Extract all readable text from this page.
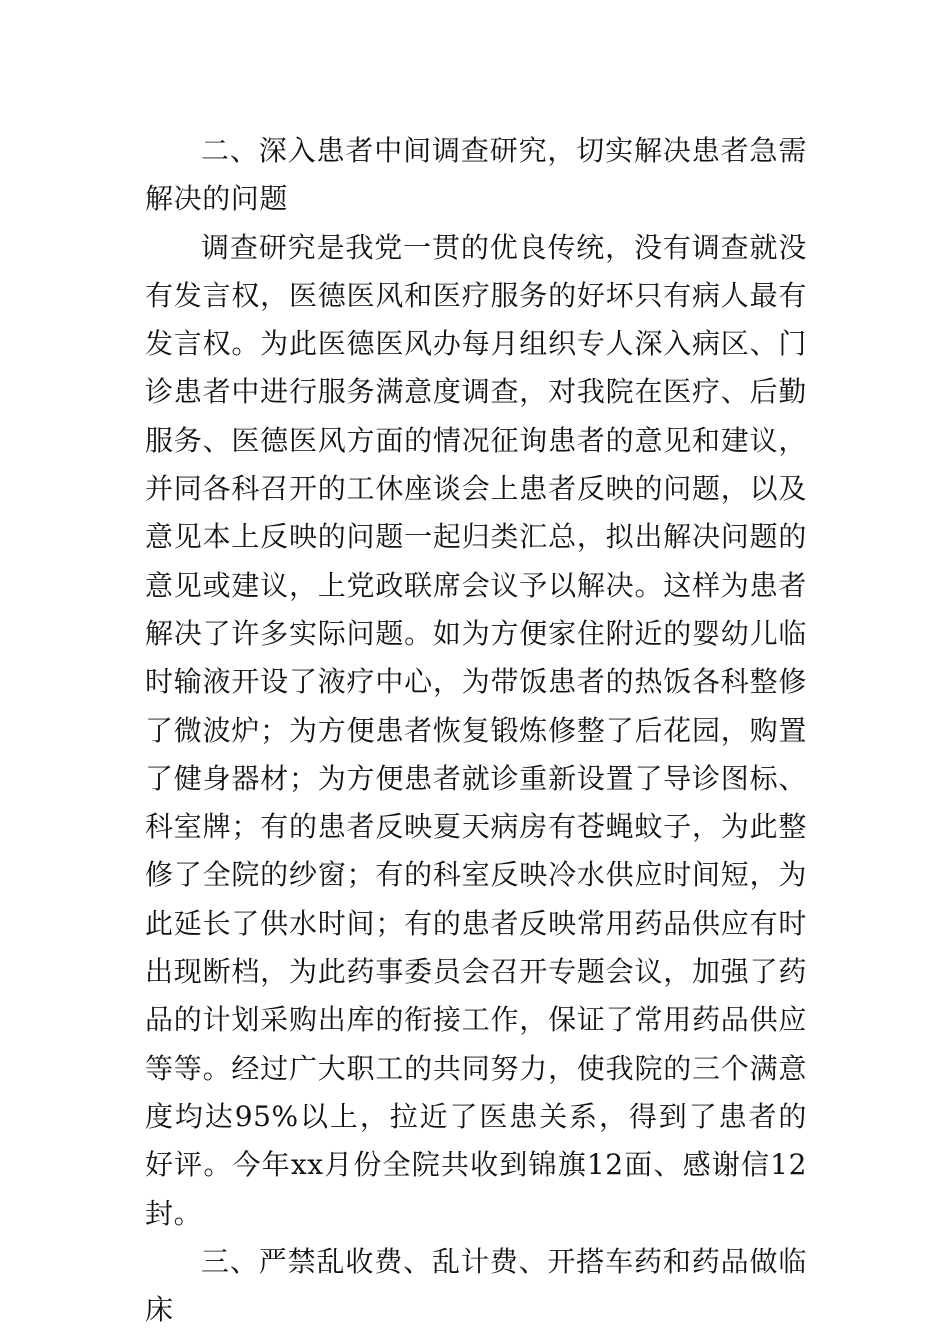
二、深入患者中间调查研究，切实解决患者急需解决的问题

调查研究是我党一贯的优良传统，没有调查就没有发言权，医德医风和医疗服务的好坏只有病人最有发言权。为此医德医风办每月组织专人深入病区、门诊患者中进行服务满意度调查，对我院在医疗、后勤服务、医德医风方面的情况征询患者的意见和建议，并同各科召开的工休座谈会上患者反映的问题，以及意见本上反映的问题一起归类汇总，拟出解决问题的意见或建议，上党政联席会议予以解决。这样为患者解决了许多实际问题。如为方便家住附近的婴幼儿临时输液开设了液疗中心，为带饭患者的热饭各科整修了微波炉；为方便患者恢复锻炼修整了后花园，购置了健身器材；为方便患者就诊重新设置了导诊图标、科室牌；有的患者反映夏天病房有苍蝇蚊子，为此整修了全院的纱窗；有的科室反映冷水供应时间短，为此延长了供水时间；有的患者反映常用药品供应有时出现断档，为此药事委员会召开专题会议，加强了药品的计划采购出库的衔接工作，保证了常用药品供应等等。经过广大职工的共同努力，使我院的三个满意度均达95%以上，拉近了医患关系，得到了患者的好评。今年xx月份全院共收到锦旗12面、感谢信12封。

三、严禁乱收费、乱计费、开搭车药和药品做临床
